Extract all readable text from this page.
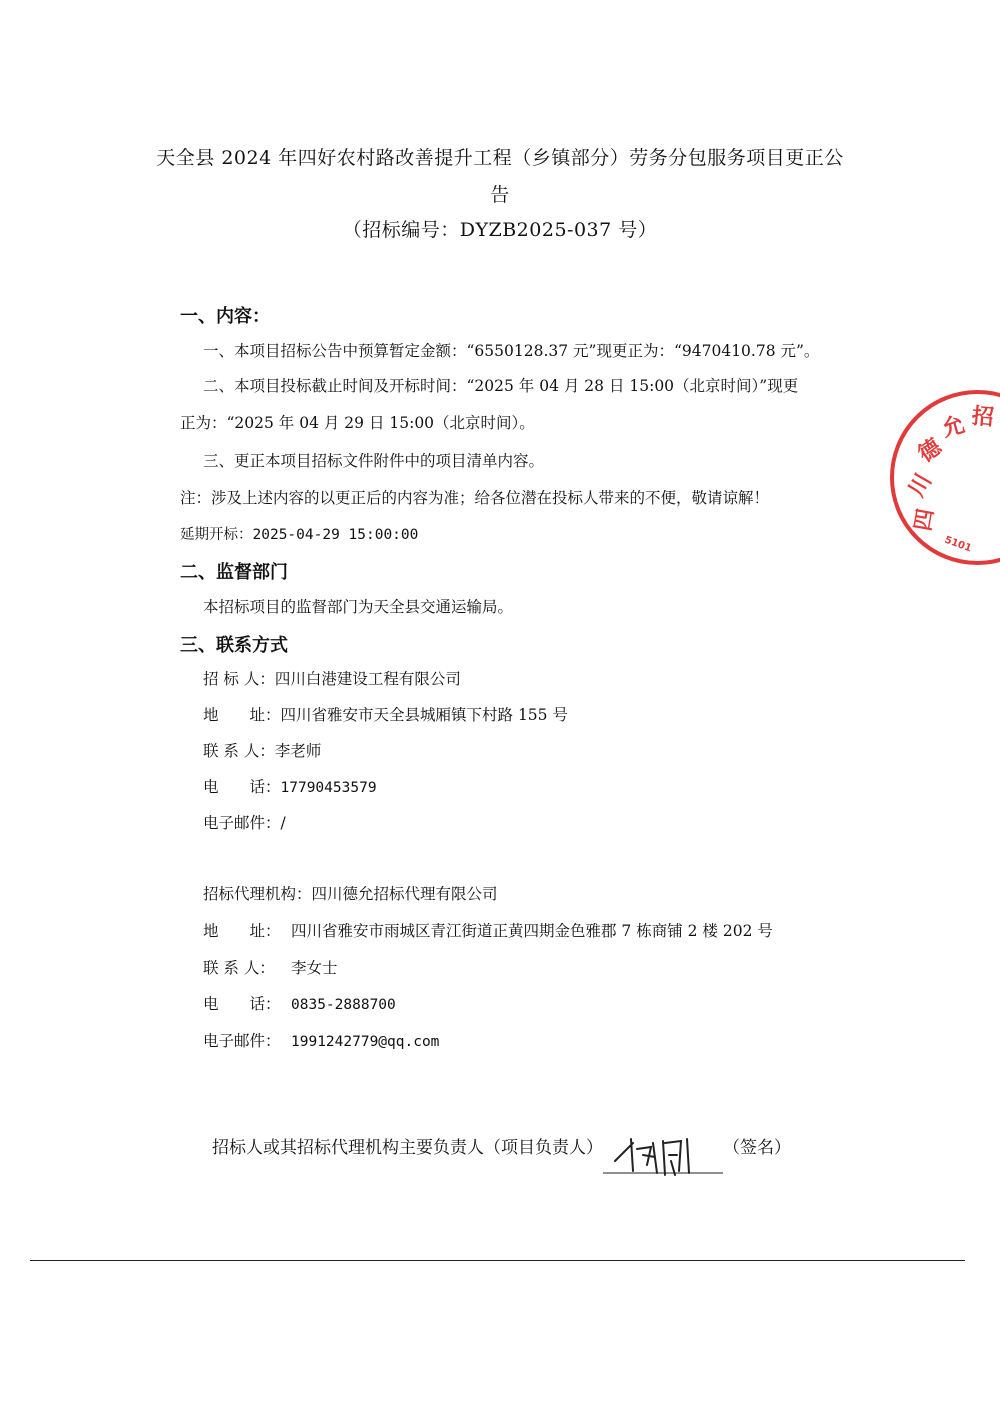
天全县 2024 年四好农村路改善提升工程（乡镇部分）劳务分包服务项目更正公
告
（招标编号：DYZB2025-037 号）
一、内容：
一、本项目招标公告中预算暂定金额：“6550128.37 元”现更正为：“9470410.78 元”。
二、本项目投标截止时间及开标时间：“2025 年 04 月 28 日 15:00（北京时间）”现更
正为：“2025 年 04 月 29 日 15:00（北京时间）。
三、更正本项目招标文件附件中的项目清单内容。
注：涉及上述内容的以更正后的内容为准；给各位潜在投标人带来的不便，敬请谅解！
延期开标：2025-04-29 15:00:00
二、监督部门
本招标项目的监督部门为天全县交通运输局。
三、联系方式
招 标 人：四川白港建设工程有限公司
地　　址：四川省雅安市天全县城厢镇下村路 155 号
联 系 人：李老师
电　　话：17790453579
电子邮件：/
招标代理机构：四川德允招标代理有限公司
地　　址： 四川省雅安市雨城区青江街道正黄四期金色雅郡 7 栋商铺 2 楼 202 号
联 系 人： 李女士
电　　话： 0835-2888700
电子邮件： 1991242779@qq.com
招标人或其招标代理机构主要负责人（项目负责人）	（签名）
四
川
德
允 招
5101
